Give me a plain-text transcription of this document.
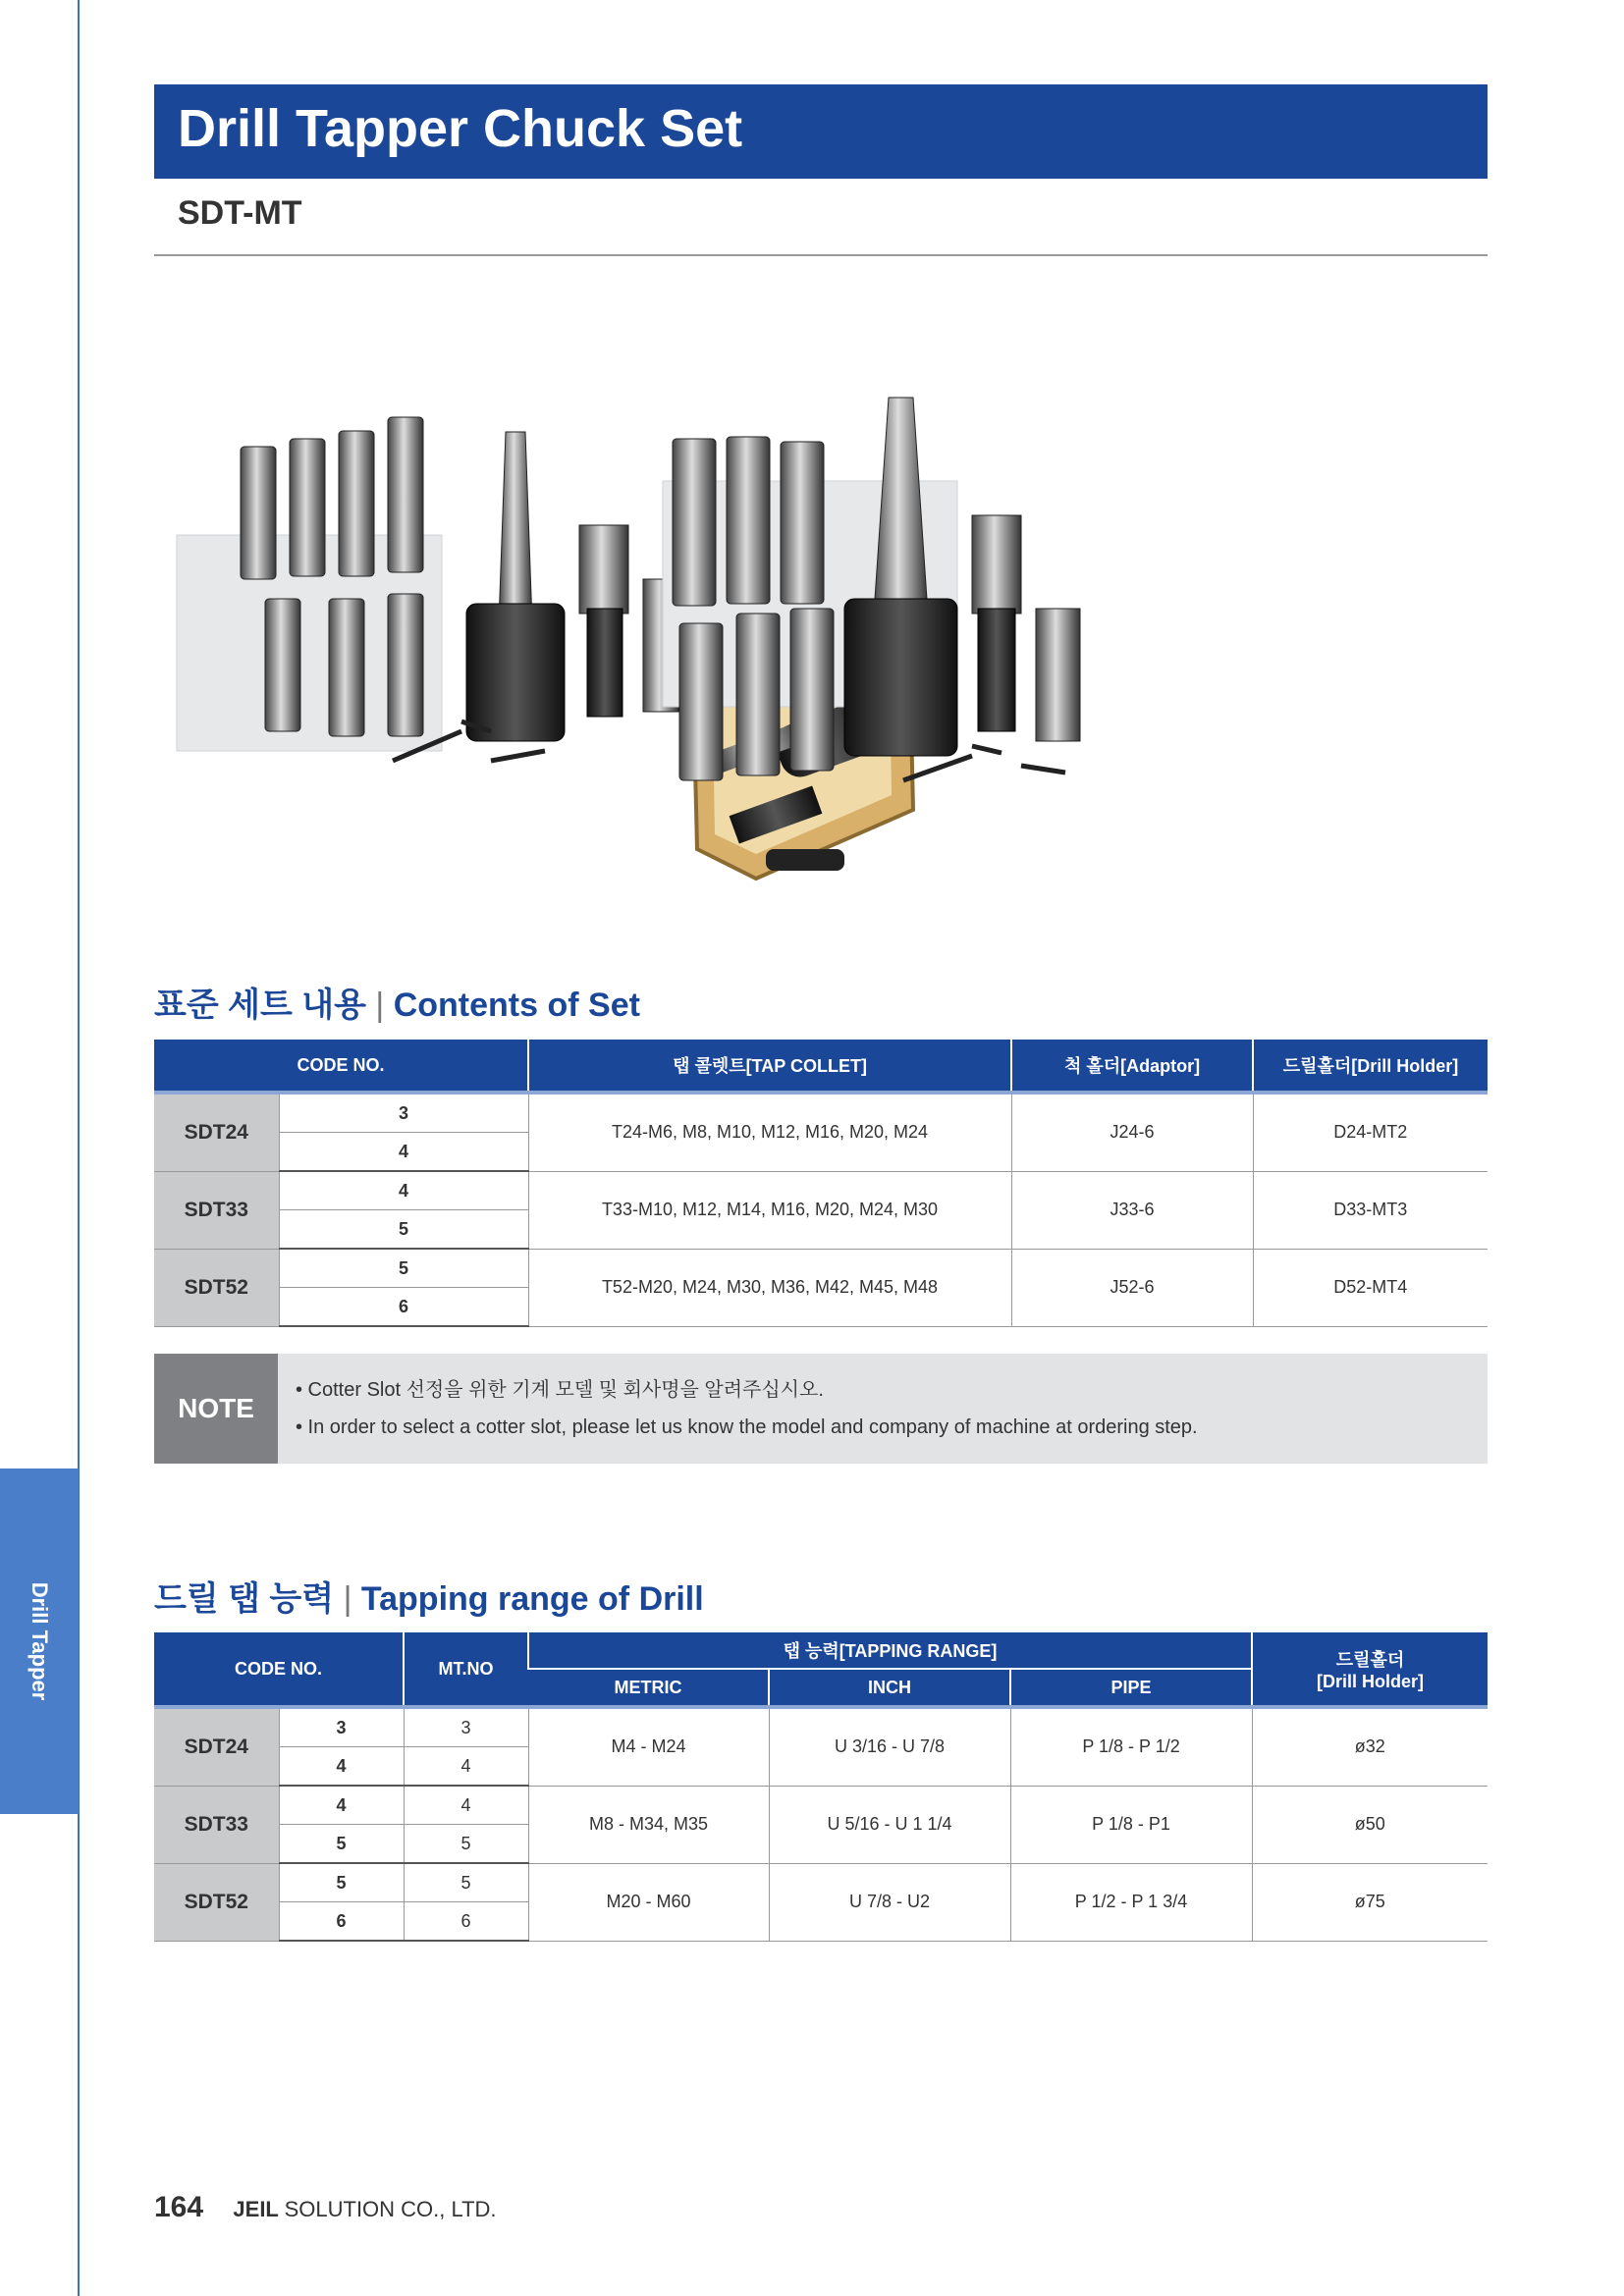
Drill Tapper
Drill Tapper Chuck Set
SDT-MT
표준 세트 내용 | Contents of Set
CODE NO.		탭 콜렛트[TAP COLLET]	척 홀더[Adaptor]	드릴홀더[Drill Holder]
SDT24	3	T24-M6, M8, M10, M12, M16, M20, M24	J24-6	D24-MT2
	4			
SDT33	4	T33-M10, M12, M14, M16, M20, M24, M30	J33-6	D33-MT3
	5			
SDT52	5	T52-M20, M24, M30, M36, M42, M45, M48	J52-6	D52-MT4
	6			
NOTE
• Cotter Slot 선정을 위한 기계 모델 및 회사명을 알려주십시오.
• In order to select a cotter slot, please let us know the model and company of machine at ordering step.
드릴 탭 능력 | Tapping range of Drill
CODE NO.		MT.NO	탭 능력[TAPPING RANGE]			드릴홀더
[Drill Holder]

			METRIC	INCH	PIPE	
SDT24	3	3	M4 - M24	U 3/16 - U 7/8	P 1/8 - P 1/2	ø32
	4	4				
SDT33	4	4	M8 - M34, M35	U 5/16 - U 1 1/4	P 1/8 - P1	ø50
	5	5				
SDT52	5	5	M20 - M60	U 7/8 - U2	P 1/2 - P 1 3/4	ø75
	6	6				
164 JEIL SOLUTION CO., LTD.
